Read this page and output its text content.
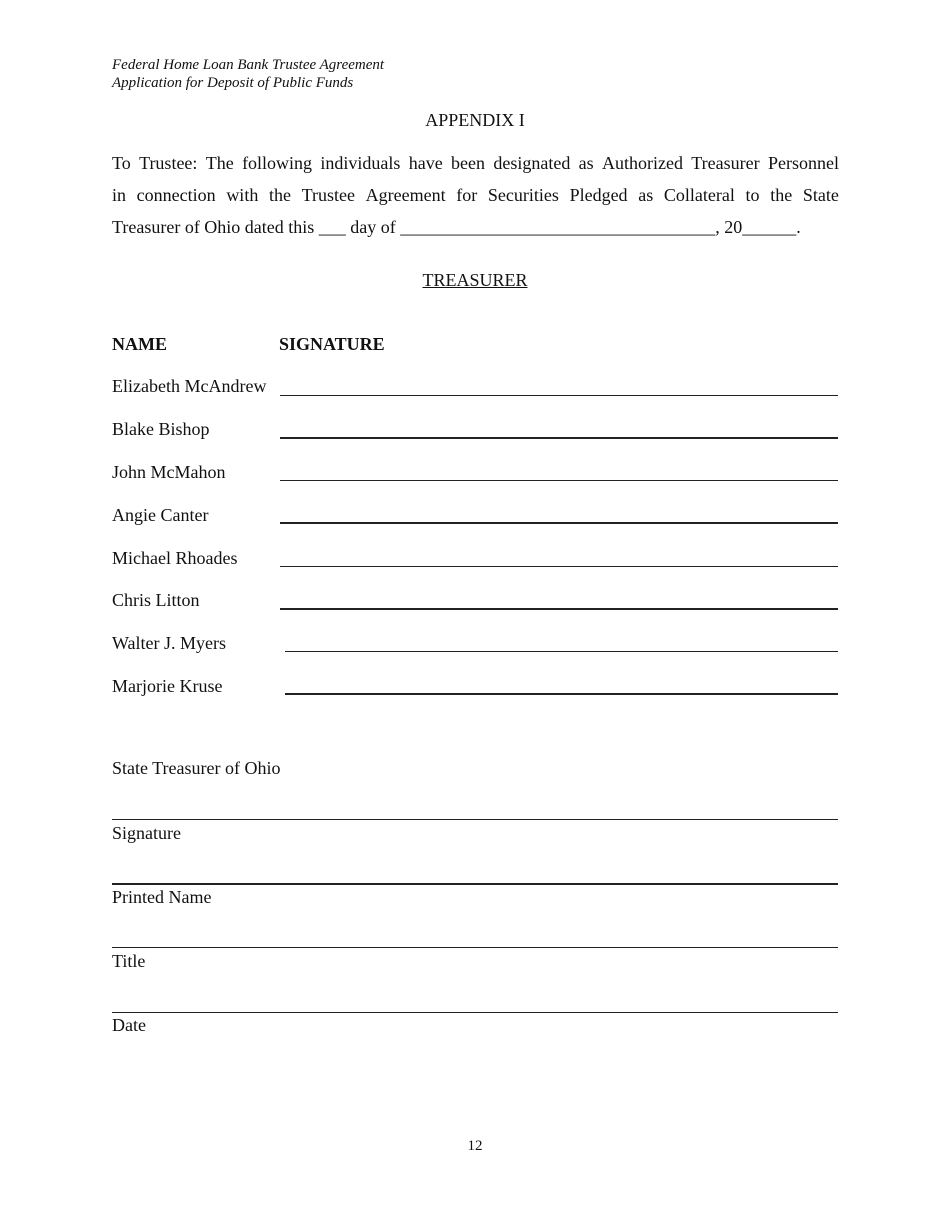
Federal Home Loan Bank Trustee Agreement
Application for Deposit of Public Funds
APPENDIX I
To Trustee: The following individuals have been designated as Authorized Treasurer Personnel
in connection with the Trustee Agreement for Securities Pledged as Collateral to the State
Treasurer of Ohio dated this ___ day of ___________________________________, 20______.
TREASURER
NAME	SIGNATURE
Elizabeth McAndrew
Blake Bishop
John McMahon
Angie Canter
Michael Rhoades
Chris Litton
Walter J. Myers
Marjorie Kruse
State Treasurer of Ohio
Signature
Printed Name
Title
Date
12
